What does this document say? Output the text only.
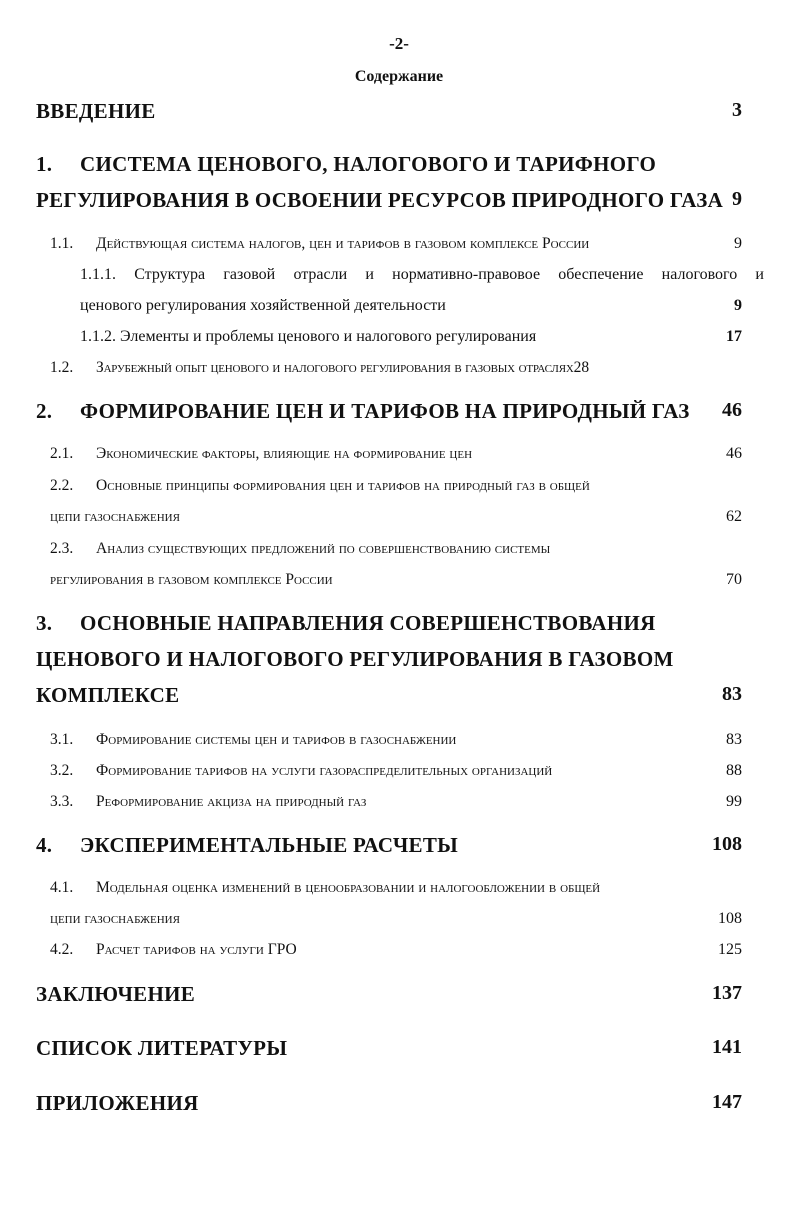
-2-
Содержание
ВВЕДЕНИЕ	3
1. СИСТЕМА ЦЕНОВОГО, НАЛОГОВОГО И ТАРИФНОГО
РЕГУЛИРОВАНИЯ В ОСВОЕНИИ РЕСУРСОВ ПРИРОДНОГО ГАЗА 9
1.1. Действующая система налогов, цен и тарифов в газовом комплексе России	9
1.1.1. Структура газовой отрасли и нормативно-правовое обеспечение налогового и
ценового регулирования хозяйственной деятельности	9
1.1.2. Элементы и проблемы ценового и налогового регулирования	17
1.2. Зарубежный опыт ценового и налогового регулирования в газовых отраслях28
2. ФОРМИРОВАНИЕ ЦЕН И ТАРИФОВ НА ПРИРОДНЫЙ ГАЗ 46
2.1. Экономические факторы, влияющие на формирование цен	46
2.2. Основные принципы формирования цен и тарифов на природный газ в общей
цепи газоснабжения	62
2.3. Анализ существующих предложений по совершенствованию системы
регулирования в газовом комплексе России	70
3. ОСНОВНЫЕ НАПРАВЛЕНИЯ СОВЕРШЕНСТВОВАНИЯ
ЦЕНОВОГО И НАЛОГОВОГО РЕГУЛИРОВАНИЯ В ГАЗОВОМ
КОМПЛЕКСЕ	83
3.1. Формирование системы цен и тарифов в газоснабжении	83
3.2. Формирование тарифов на услуги газораспределительных организаций	88
3.3. Реформирование акциза на природный газ	99
4. ЭКСПЕРИМЕНТАЛЬНЫЕ РАСЧЕТЫ	108
4.1. Модельная оценка изменений в ценообразовании и налогообложении в общей
цепи газоснабжения	108
4.2. Расчет тарифов на услуги ГРО	125
ЗАКЛЮЧЕНИЕ	137
СПИСОК ЛИТЕРАТУРЫ	141
ПРИЛОЖЕНИЯ	147
